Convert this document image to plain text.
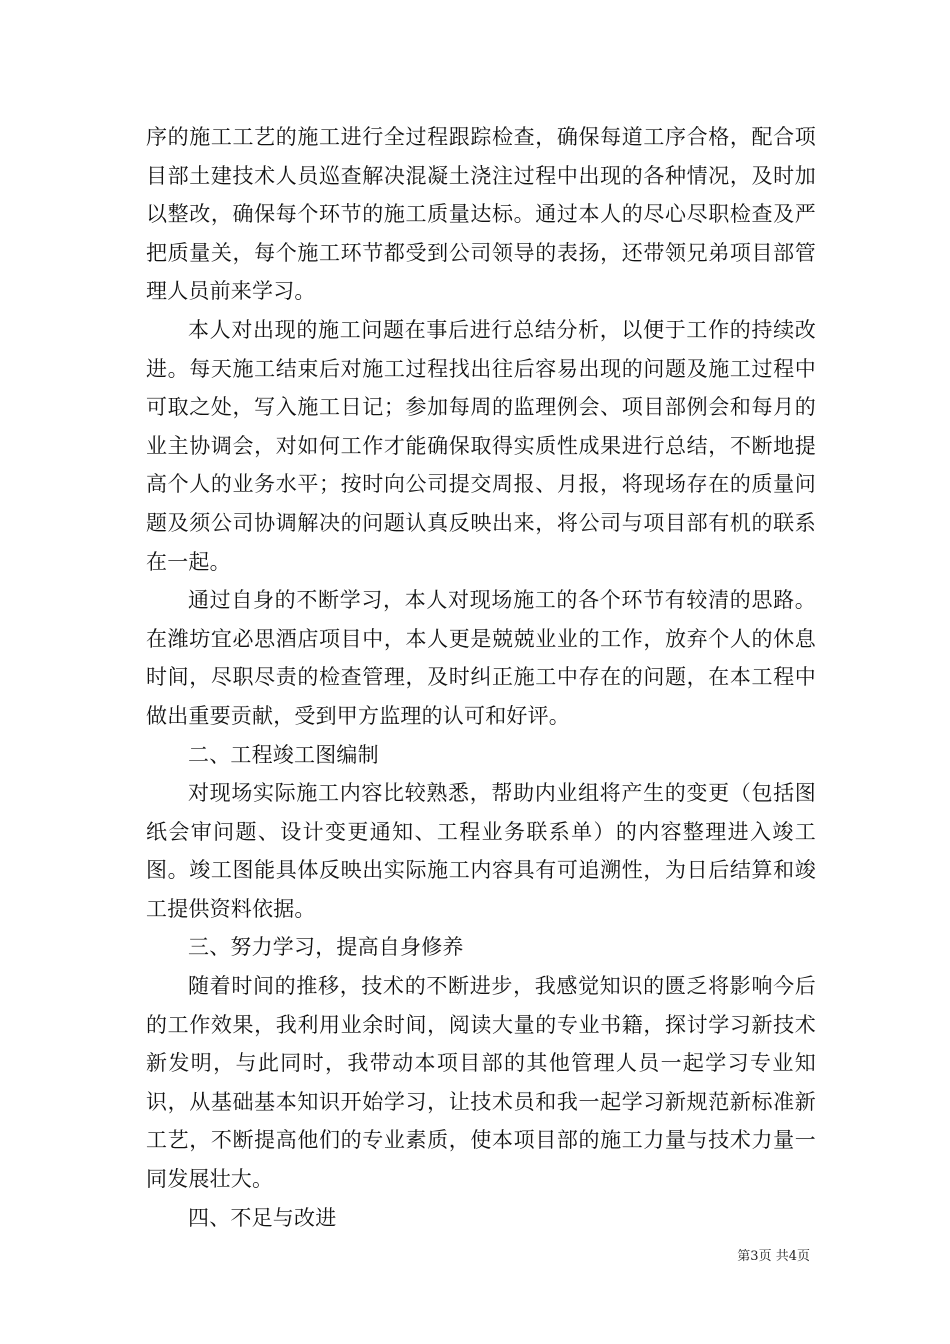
序的施工工艺的施工进行全过程跟踪检查，确保每道工序合格，配合项目部土建技术人员巡查解决混凝土浇注过程中出现的各种情况，及时加以整改，确保每个环节的施工质量达标。通过本人的尽心尽职检查及严把质量关，每个施工环节都受到公司领导的表扬，还带领兄弟项目部管理人员前来学习。

本人对出现的施工问题在事后进行总结分析，以便于工作的持续改进。每天施工结束后对施工过程找出往后容易出现的问题及施工过程中可取之处，写入施工日记；参加每周的监理例会、项目部例会和每月的业主协调会，对如何工作才能确保取得实质性成果进行总结，不断地提高个人的业务水平；按时向公司提交周报、月报，将现场存在的质量问题及须公司协调解决的问题认真反映出来，将公司与项目部有机的联系在一起。

通过自身的不断学习，本人对现场施工的各个环节有较清的思路。在潍坊宜必思酒店项目中，本人更是兢兢业业的工作，放弃个人的休息时间，尽职尽责的检查管理，及时纠正施工中存在的问题，在本工程中做出重要贡献，受到甲方监理的认可和好评。

二、工程竣工图编制

对现场实际施工内容比较熟悉，帮助内业组将产生的变更（包括图纸会审问题、设计变更通知、工程业务联系单）的内容整理进入竣工图。竣工图能具体反映出实际施工内容具有可追溯性，为日后结算和竣工提供资料依据。

三、努力学习，提高自身修养

随着时间的推移，技术的不断进步，我感觉知识的匮乏将影响今后的工作效果，我利用业余时间，阅读大量的专业书籍，探讨学习新技术新发明，与此同时，我带动本项目部的其他管理人员一起学习专业知识，从基础基本知识开始学习，让技术员和我一起学习新规范新标准新工艺，不断提高他们的专业素质，使本项目部的施工力量与技术力量一同发展壮大。

四、不足与改进

第3页 共4页
